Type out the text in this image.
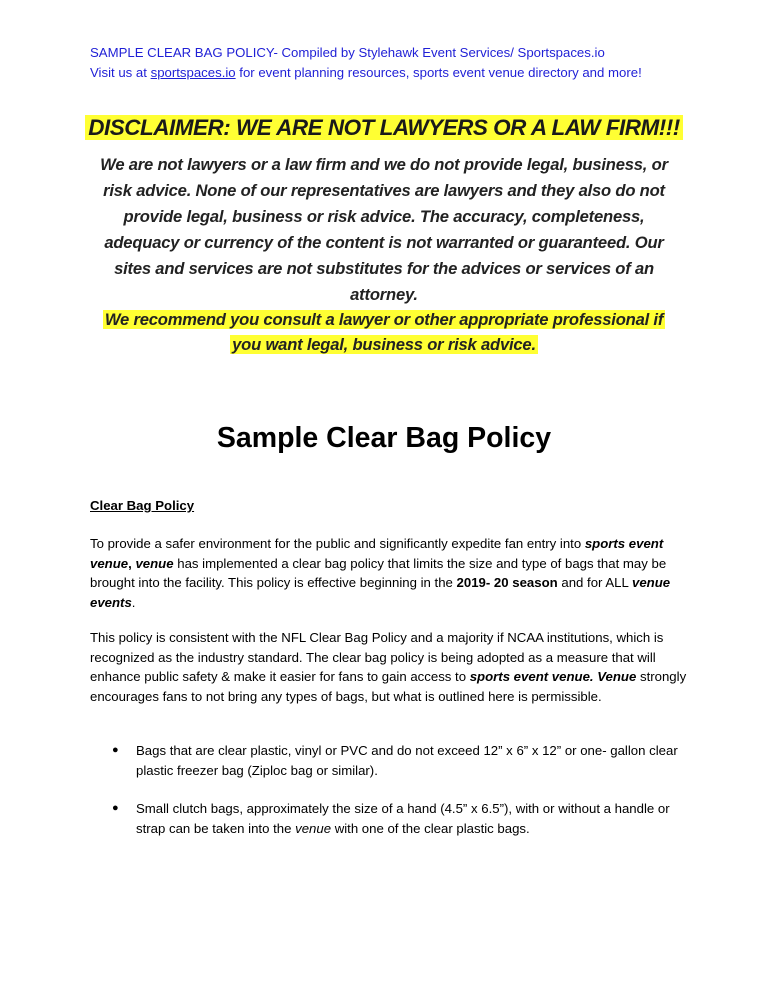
SAMPLE CLEAR BAG POLICY- Compiled by Stylehawk Event Services/ Sportspaces.io
Visit us at sportspaces.io for event planning resources, sports event venue directory and more!
DISCLAIMER: WE ARE NOT LAWYERS OR A LAW FIRM!!!
We are not lawyers or a law firm and we do not provide legal, business, or risk advice. None of our representatives are lawyers and they also do not provide legal, business or risk advice. The accuracy, completeness, adequacy or currency of the content is not warranted or guaranteed. Our sites and services are not substitutes for the advices or services of an attorney.
We recommend you consult a lawyer or other appropriate professional if you want legal, business or risk advice.
Sample Clear Bag Policy
Clear Bag Policy
To provide a safer environment for the public and significantly expedite fan entry into sports event venue, venue has implemented a clear bag policy that limits the size and type of bags that may be brought into the facility. This policy is effective beginning in the 2019- 20 season and for ALL venue events.
This policy is consistent with the NFL Clear Bag Policy and a majority if NCAA institutions, which is recognized as the industry standard. The clear bag policy is being adopted as a measure that will enhance public safety & make it easier for fans to gain access to sports event venue. Venue strongly encourages fans to not bring any types of bags, but what is outlined here is permissible.
● Bags that are clear plastic, vinyl or PVC and do not exceed 12” x 6” x 12” or one- gallon clear plastic freezer bag (Ziploc bag or similar).
● Small clutch bags, approximately the size of a hand (4.5” x 6.5”), with or without a handle or strap can be taken into the venue with one of the clear plastic bags.
